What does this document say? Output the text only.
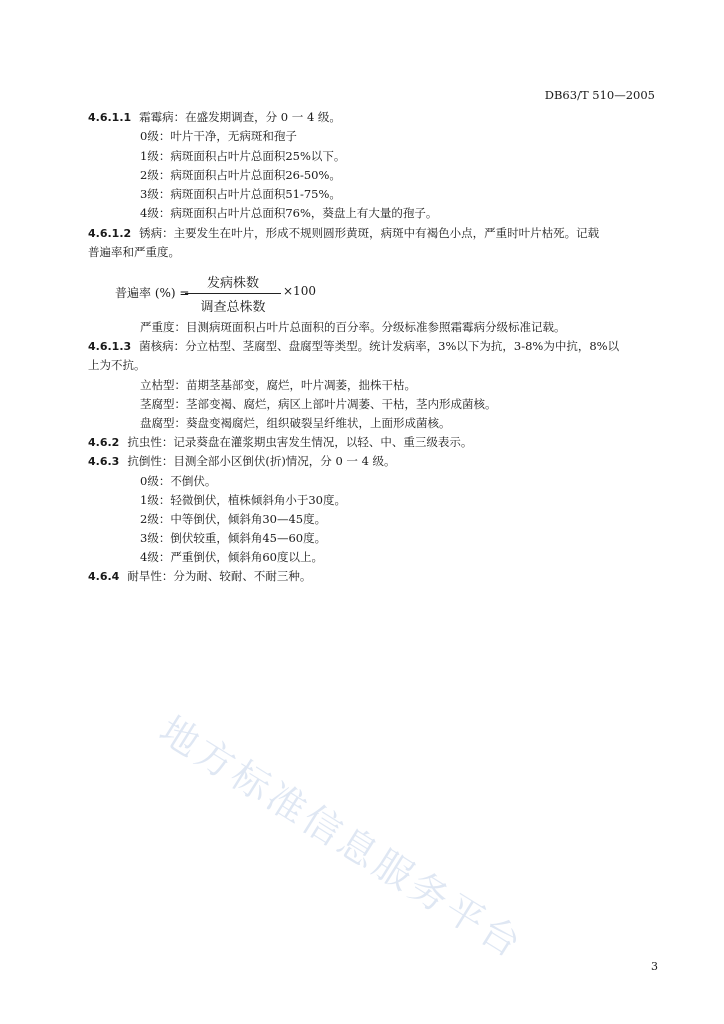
DB63/T 510—2005
4.6.1.1 霜霉病：在盛发期调查，分 0 一 4 级。
0级：叶片干净，无病斑和孢子
1级：病斑面积占叶片总面积25%以下。
2级：病斑面积占叶片总面积26-50%。
3级：病斑面积占叶片总面积51-75%。
4级：病斑面积占叶片总面积76%，葵盘上有大量的孢子。
4.6.1.2 锈病：主要发生在叶片，形成不规则圆形黄斑，病斑中有褐色小点，严重时叶片枯死。记载
普遍率和严重度。
普遍率 (%) =
发病株数
调查总株数
×100
严重度：目测病斑面积占叶片总面积的百分率。分级标准参照霜霉病分级标准记载。
4.6.1.3 菌核病：分立枯型、茎腐型、盘腐型等类型。统计发病率，3%以下为抗，3-8%为中抗，8%以
上为不抗。
立枯型：苗期茎基部变，腐烂，叶片凋萎，拙株干枯。
茎腐型：茎部变褐、腐烂，病区上部叶片凋萎、干枯，茎内形成菌核。
盘腐型：葵盘变褐腐烂，组织破裂呈纤维状，上面形成菌核。
4.6.2 抗虫性：记录葵盘在灌浆期虫害发生情况，以轻、中、重三级表示。
4.6.3 抗倒性：目测全部小区倒伏(折)情况，分 0 一 4 级。
0级：不倒伏。
1级：轻微倒伏，植株倾斜角小于30度。
2级：中等倒伏，倾斜角30—45度。
3级：倒伏较重，倾斜角45—60度。
4级：严重倒伏，倾斜角60度以上。
4.6.4 耐旱性：分为耐、较耐、不耐三种。
地方标准信息服务平台	3
